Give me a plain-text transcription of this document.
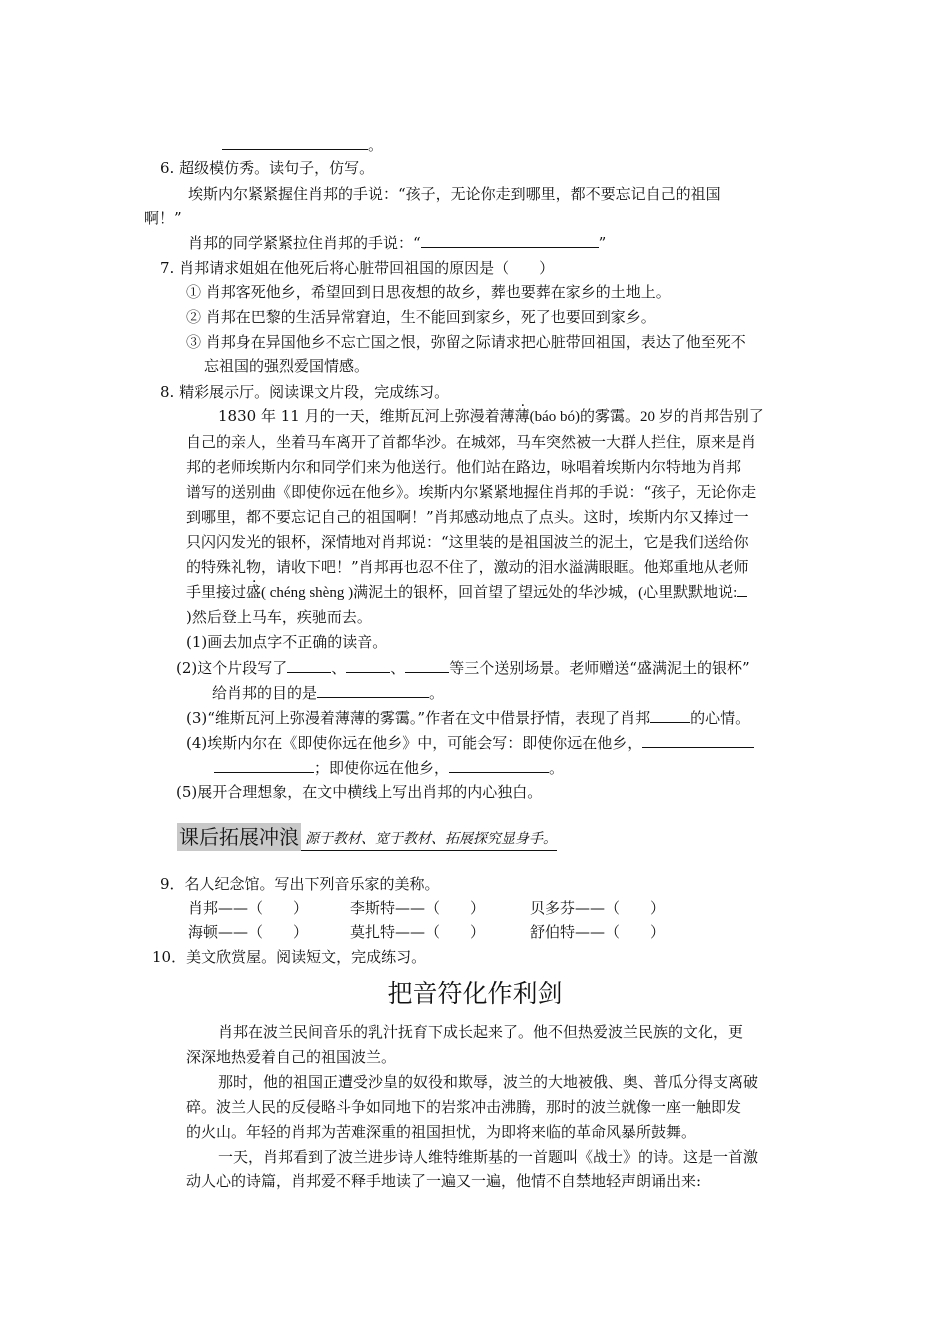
。
6. 超级模仿秀。读句子，仿写。
埃斯内尔紧紧握住肖邦的手说：“孩子，无论你走到哪里，都不要忘记自己的祖国
啊！”
肖邦的同学紧紧拉住肖邦的手说：“	”
7. 肖邦请求姐姐在他死后将心脏带回祖国的原因是（　　）
① 肖邦客死他乡，希望回到日思夜想的故乡，葬也要葬在家乡的土地上。
② 肖邦在巴黎的生活异常窘迫，生不能回到家乡，死了也要回到家乡。
③ 肖邦身在异国他乡不忘亡国之恨，弥留之际请求把心脏带回祖国，表达了他至死不
忘祖国的强烈爱国情感。
8. 精彩展示厅。阅读课文片段，完成练习。
1830 年 11 月的一天，维斯瓦河上弥漫着薄薄(báo bó)的雾霭。20 岁的肖邦告别了
自己的亲人，坐着马车离开了首都华沙。在城郊，马车突然被一大群人拦住，原来是肖
邦的老师埃斯内尔和同学们来为他送行。他们站在路边，咏唱着埃斯内尔特地为肖邦
谱写的送别曲《即使你远在他乡》。埃斯内尔紧紧地握住肖邦的手说：“孩子，无论你走
到哪里，都不要忘记自己的祖国啊！”肖邦感动地点了点头。这时，埃斯内尔又捧过一
只闪闪发光的银杯，深情地对肖邦说：“这里装的是祖国波兰的泥土，它是我们送给你
的特殊礼物，请收下吧！”肖邦再也忍不住了，激动的泪水溢满眼眶。他郑重地从老师
手里接过盛( chéng shèng )满泥土的银杯，回首望了望远处的华沙城，(心里默默地说:
)然后登上马车，疾驰而去。
(1)画去加点字不正确的读音。
(2)这个片段写了	、	、	等三个送别场景。老师赠送“盛满泥土的银杯”
给肖邦的目的是	。
(3)“维斯瓦河上弥漫着薄薄的雾霭。”作者在文中借景抒情，表现了肖邦	的心情。
(4)埃斯内尔在《即使你远在他乡》中，可能会写：即使你远在他乡，
；即使你远在他乡，	。
(5)展开合理想象，在文中横线上写出肖邦的内心独白。
课后拓展冲浪 源于教材、宽于教材、拓展探究显身手。
9．名人纪念馆。写出下列音乐家的美称。
肖邦——（　　）	李斯特——（　　）	贝多芬——（　　）
海顿——（　　）	莫扎特——（　　）	舒伯特——（　　）
10．美文欣赏屋。阅读短文，完成练习。
把音符化作利剑
肖邦在波兰民间音乐的乳汁抚育下成长起来了。他不但热爱波兰民族的文化，更
深深地热爱着自己的祖国波兰。
那时，他的祖国正遭受沙皇的奴役和欺辱，波兰的大地被俄、奥、普瓜分得支离破
碎。波兰人民的反侵略斗争如同地下的岩浆冲击沸腾，那时的波兰就像一座一触即发
的火山。年轻的肖邦为苦难深重的祖国担忧，为即将来临的革命风暴所鼓舞。
一天，肖邦看到了波兰进步诗人维特维斯基的一首题叫《战士》的诗。这是一首激
动人心的诗篇，肖邦爱不释手地读了一遍又一遍，他情不自禁地轻声朗诵出来:
